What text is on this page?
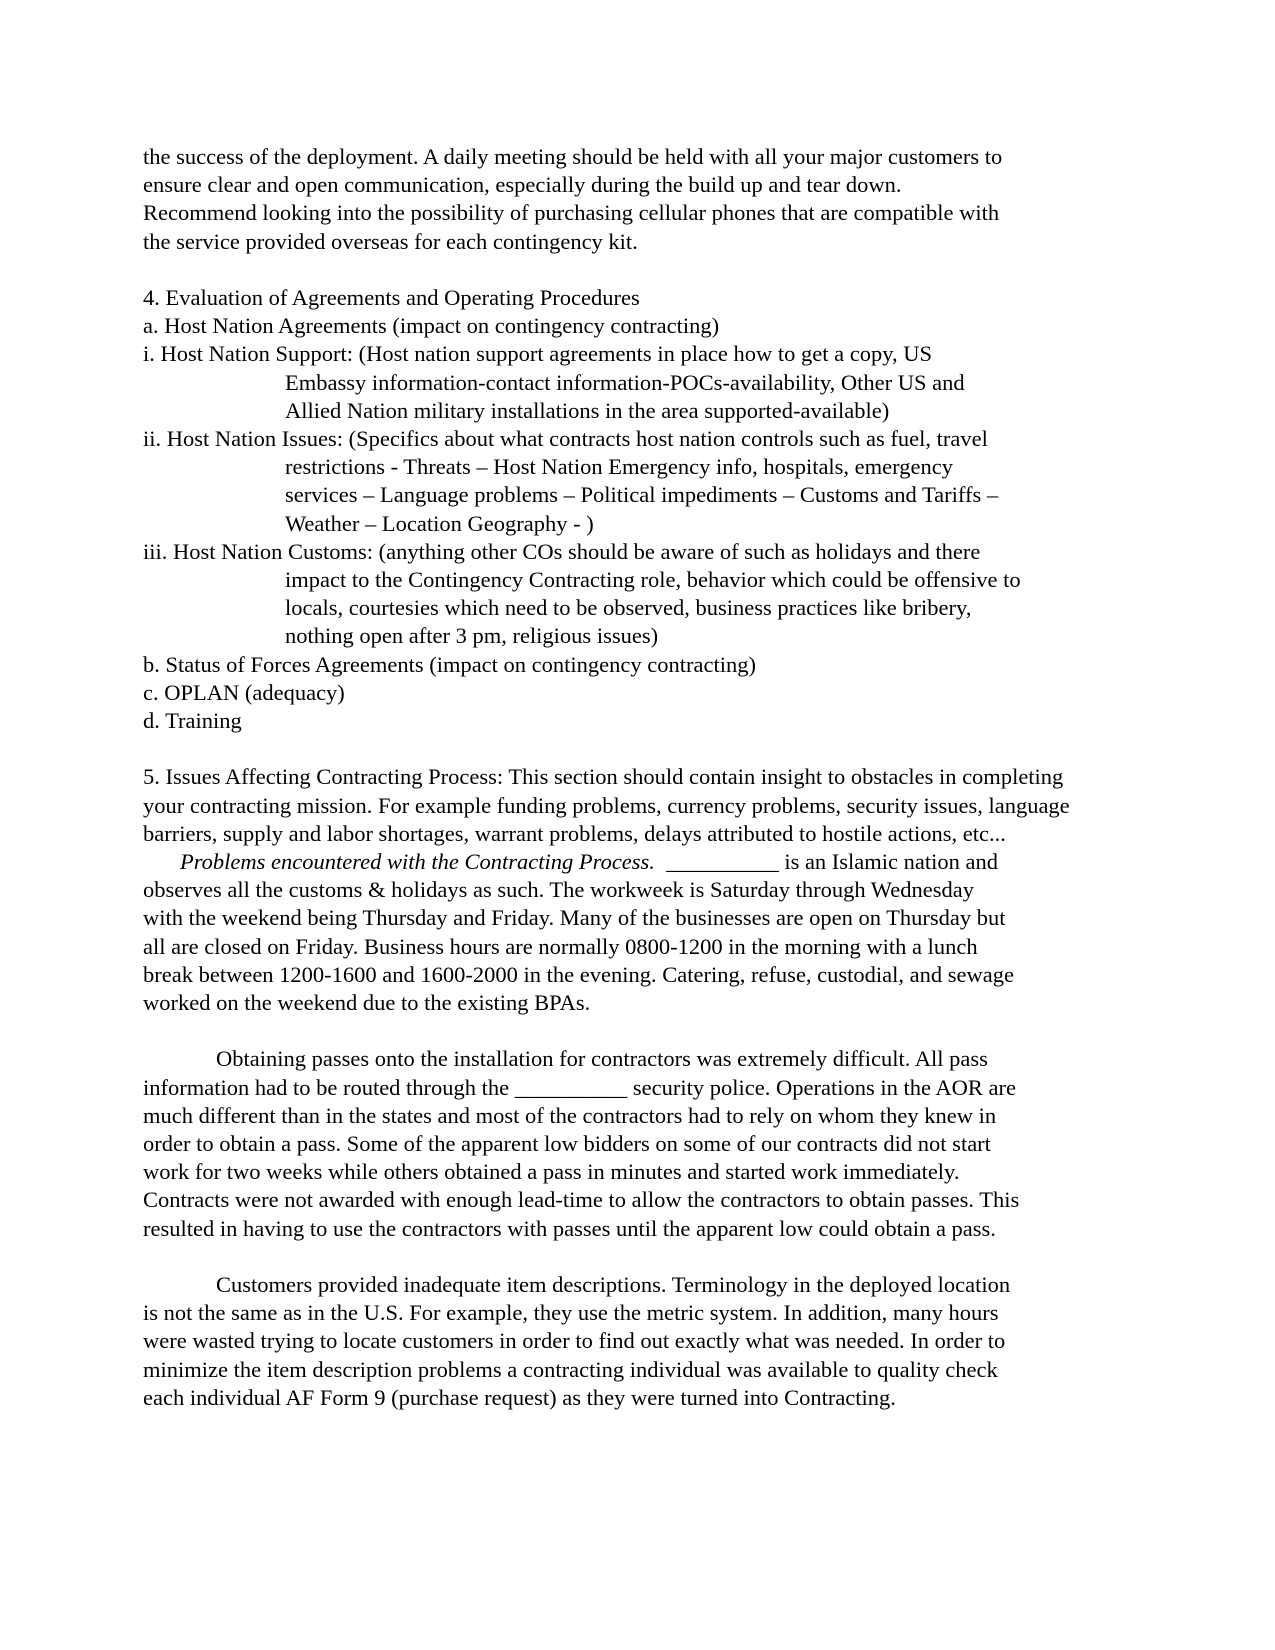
the success of the deployment. A daily meeting should be held with all your major customers to
ensure clear and open communication, especially during the build up and tear down.
Recommend looking into the possibility of purchasing cellular phones that are compatible with
the service provided overseas for each contingency kit.
4. Evaluation of Agreements and Operating Procedures
a. Host Nation Agreements (impact on contingency contracting)
i. Host Nation Support: (Host nation support agreements in place how to get a copy, US
Embassy information-contact information-POCs-availability, Other US and
Allied Nation military installations in the area supported-available)
ii. Host Nation Issues: (Specifics about what contracts host nation controls such as fuel, travel
restrictions - Threats – Host Nation Emergency info, hospitals, emergency
services – Language problems – Political impediments – Customs and Tariffs –
Weather – Location Geography - )
iii. Host Nation Customs: (anything other COs should be aware of such as holidays and there
impact to the Contingency Contracting role, behavior which could be offensive to
locals, courtesies which need to be observed, business practices like bribery,
nothing open after 3 pm, religious issues)
b. Status of Forces Agreements (impact on contingency contracting)
c. OPLAN (adequacy)
d. Training
5. Issues Affecting Contracting Process: This section should contain insight to obstacles in completing
your contracting mission. For example funding problems, currency problems, security issues, language
barriers, supply and labor shortages, warrant problems, delays attributed to hostile actions, etc...
Problems encountered with the Contracting Process.  __________ is an Islamic nation and
observes all the customs & holidays as such. The workweek is Saturday through Wednesday
with the weekend being Thursday and Friday. Many of the businesses are open on Thursday but
all are closed on Friday. Business hours are normally 0800-1200 in the morning with a lunch
break between 1200-1600 and 1600-2000 in the evening. Catering, refuse, custodial, and sewage
worked on the weekend due to the existing BPAs.
Obtaining passes onto the installation for contractors was extremely difficult. All pass
information had to be routed through the __________ security police. Operations in the AOR are
much different than in the states and most of the contractors had to rely on whom they knew in
order to obtain a pass. Some of the apparent low bidders on some of our contracts did not start
work for two weeks while others obtained a pass in minutes and started work immediately.
Contracts were not awarded with enough lead-time to allow the contractors to obtain passes. This
resulted in having to use the contractors with passes until the apparent low could obtain a pass.
Customers provided inadequate item descriptions. Terminology in the deployed location
is not the same as in the U.S. For example, they use the metric system. In addition, many hours
were wasted trying to locate customers in order to find out exactly what was needed. In order to
minimize the item description problems a contracting individual was available to quality check
each individual AF Form 9 (purchase request) as they were turned into Contracting.
